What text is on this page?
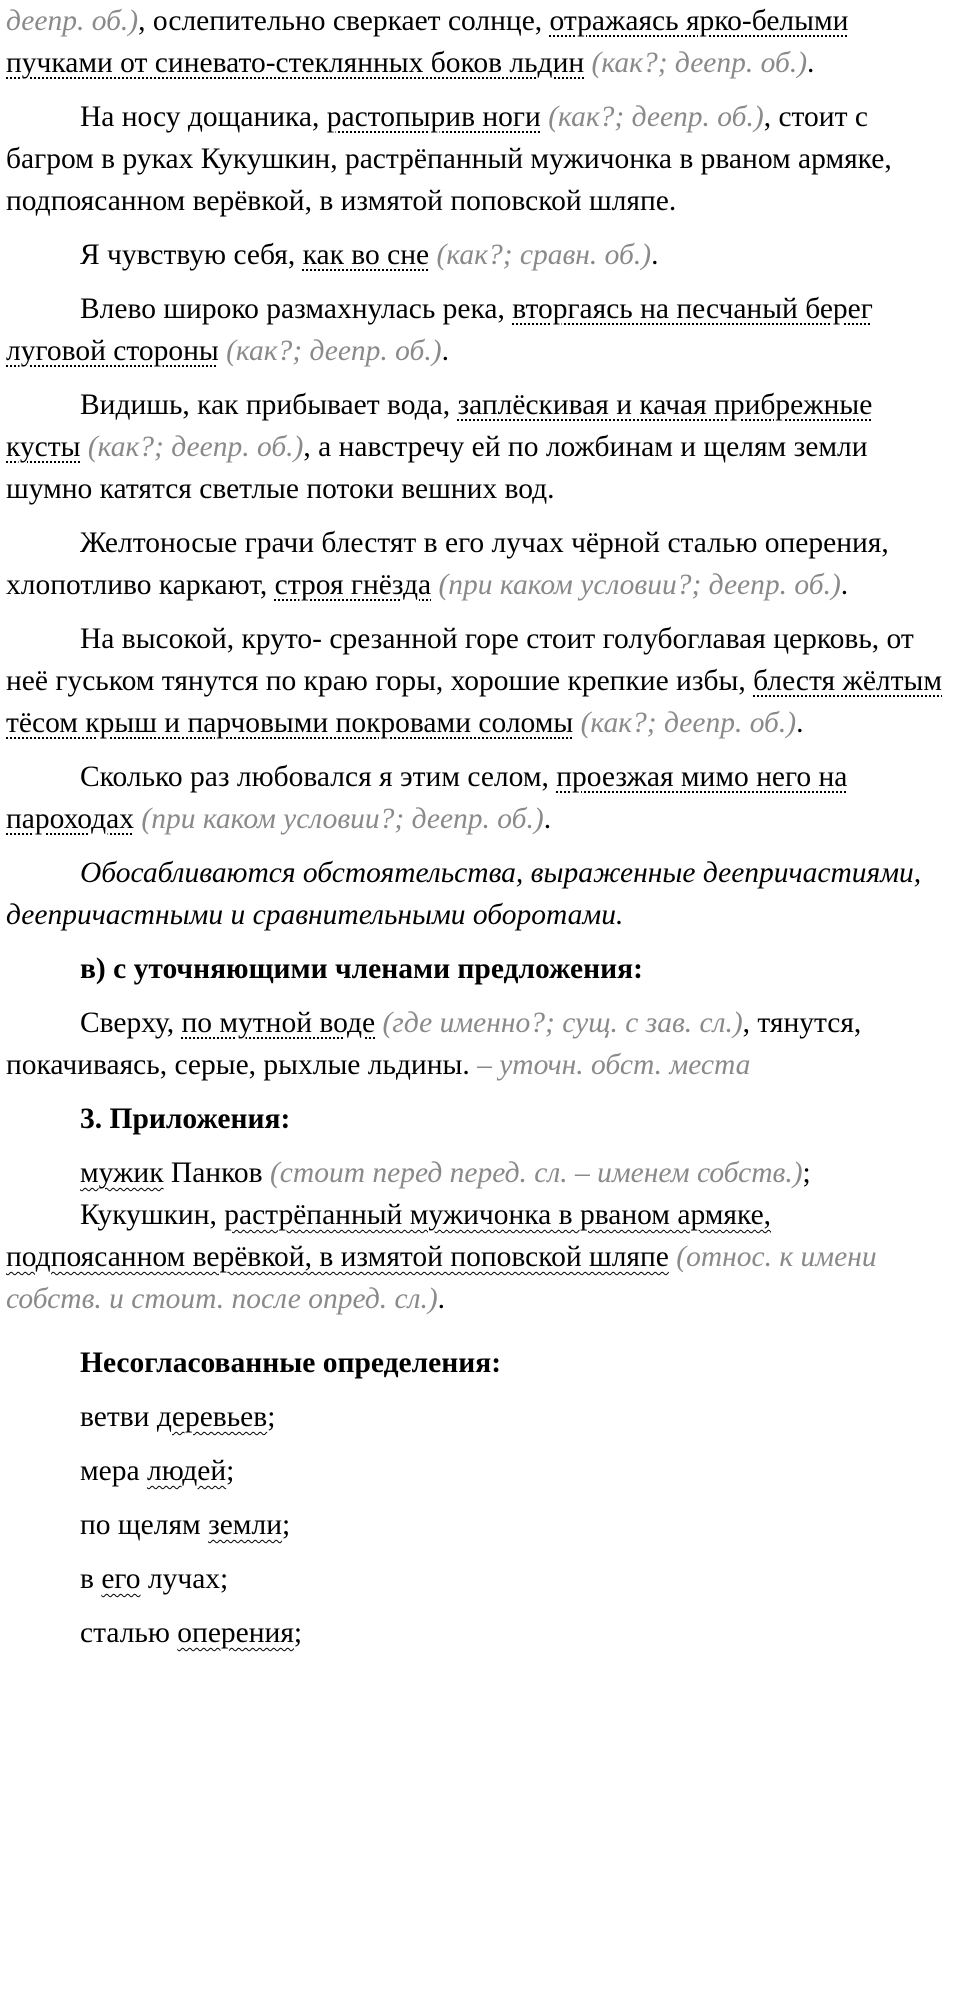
деепр. об.), ослепительно сверкает солнце, отражаясь ярко-белыми пучками от синевато-стеклянных боков льдин (как?; деепр. об.).

На носу дощаника, растопырив ноги (как?; деепр. об.), стоит с багром в руках Кукушкин, растрёпанный мужичонка в рваном армяке, подпоясанном верёвкой, в измятой поповской шляпе.

Я чувствую себя, как во сне (как?; сравн. об.).

Влево широко размахнулась река, вторгаясь на песчаный берег луговой стороны (как?; деепр. об.).

Видишь, как прибывает вода, заплёскивая и качая прибрежные кусты (как?; деепр. об.), а навстречу ей по ложбинам и щелям земли шумно катятся светлые потоки вешних вод.

Желтоносые грачи блестят в его лучах чёрной сталью оперения, хлопотливо каркают, строя гнёзда (при каком условии?; деепр. об.).

На высокой, круто- срезанной горе стоит голубоглавая церковь, от неё гуськом тянутся по краю горы, хорошие крепкие избы, блестя жёлтым тёсом крыш и парчовыми покровами соломы (как?; деепр. об.).

Сколько раз любовался я этим селом, проезжая мимо него на пароходах (при каком условии?; деепр. об.).

Обосабливаются обстоятельства, выраженные деепричастиями, деепричастными и сравнительными оборотами.

в) с уточняющими членами предложения:

Сверху, по мутной воде (где именно?; сущ. с зав. сл.), тянутся, покачиваясь, серые, рыхлые льдины. – уточн. обст. места

3. Приложения:

мужик Панков (стоит перед перед. сл. – именем собств.);

Кукушкин, растрёпанный мужичонка в рваном армяке, подпоясанном верёвкой, в измятой поповской шляпе (относ. к имени собств. и стоит. после опред. сл.).

Несогласованные определения:

ветви деревьев;

мера людей;

по щелям земли;

в его лучах;

сталью оперения;
